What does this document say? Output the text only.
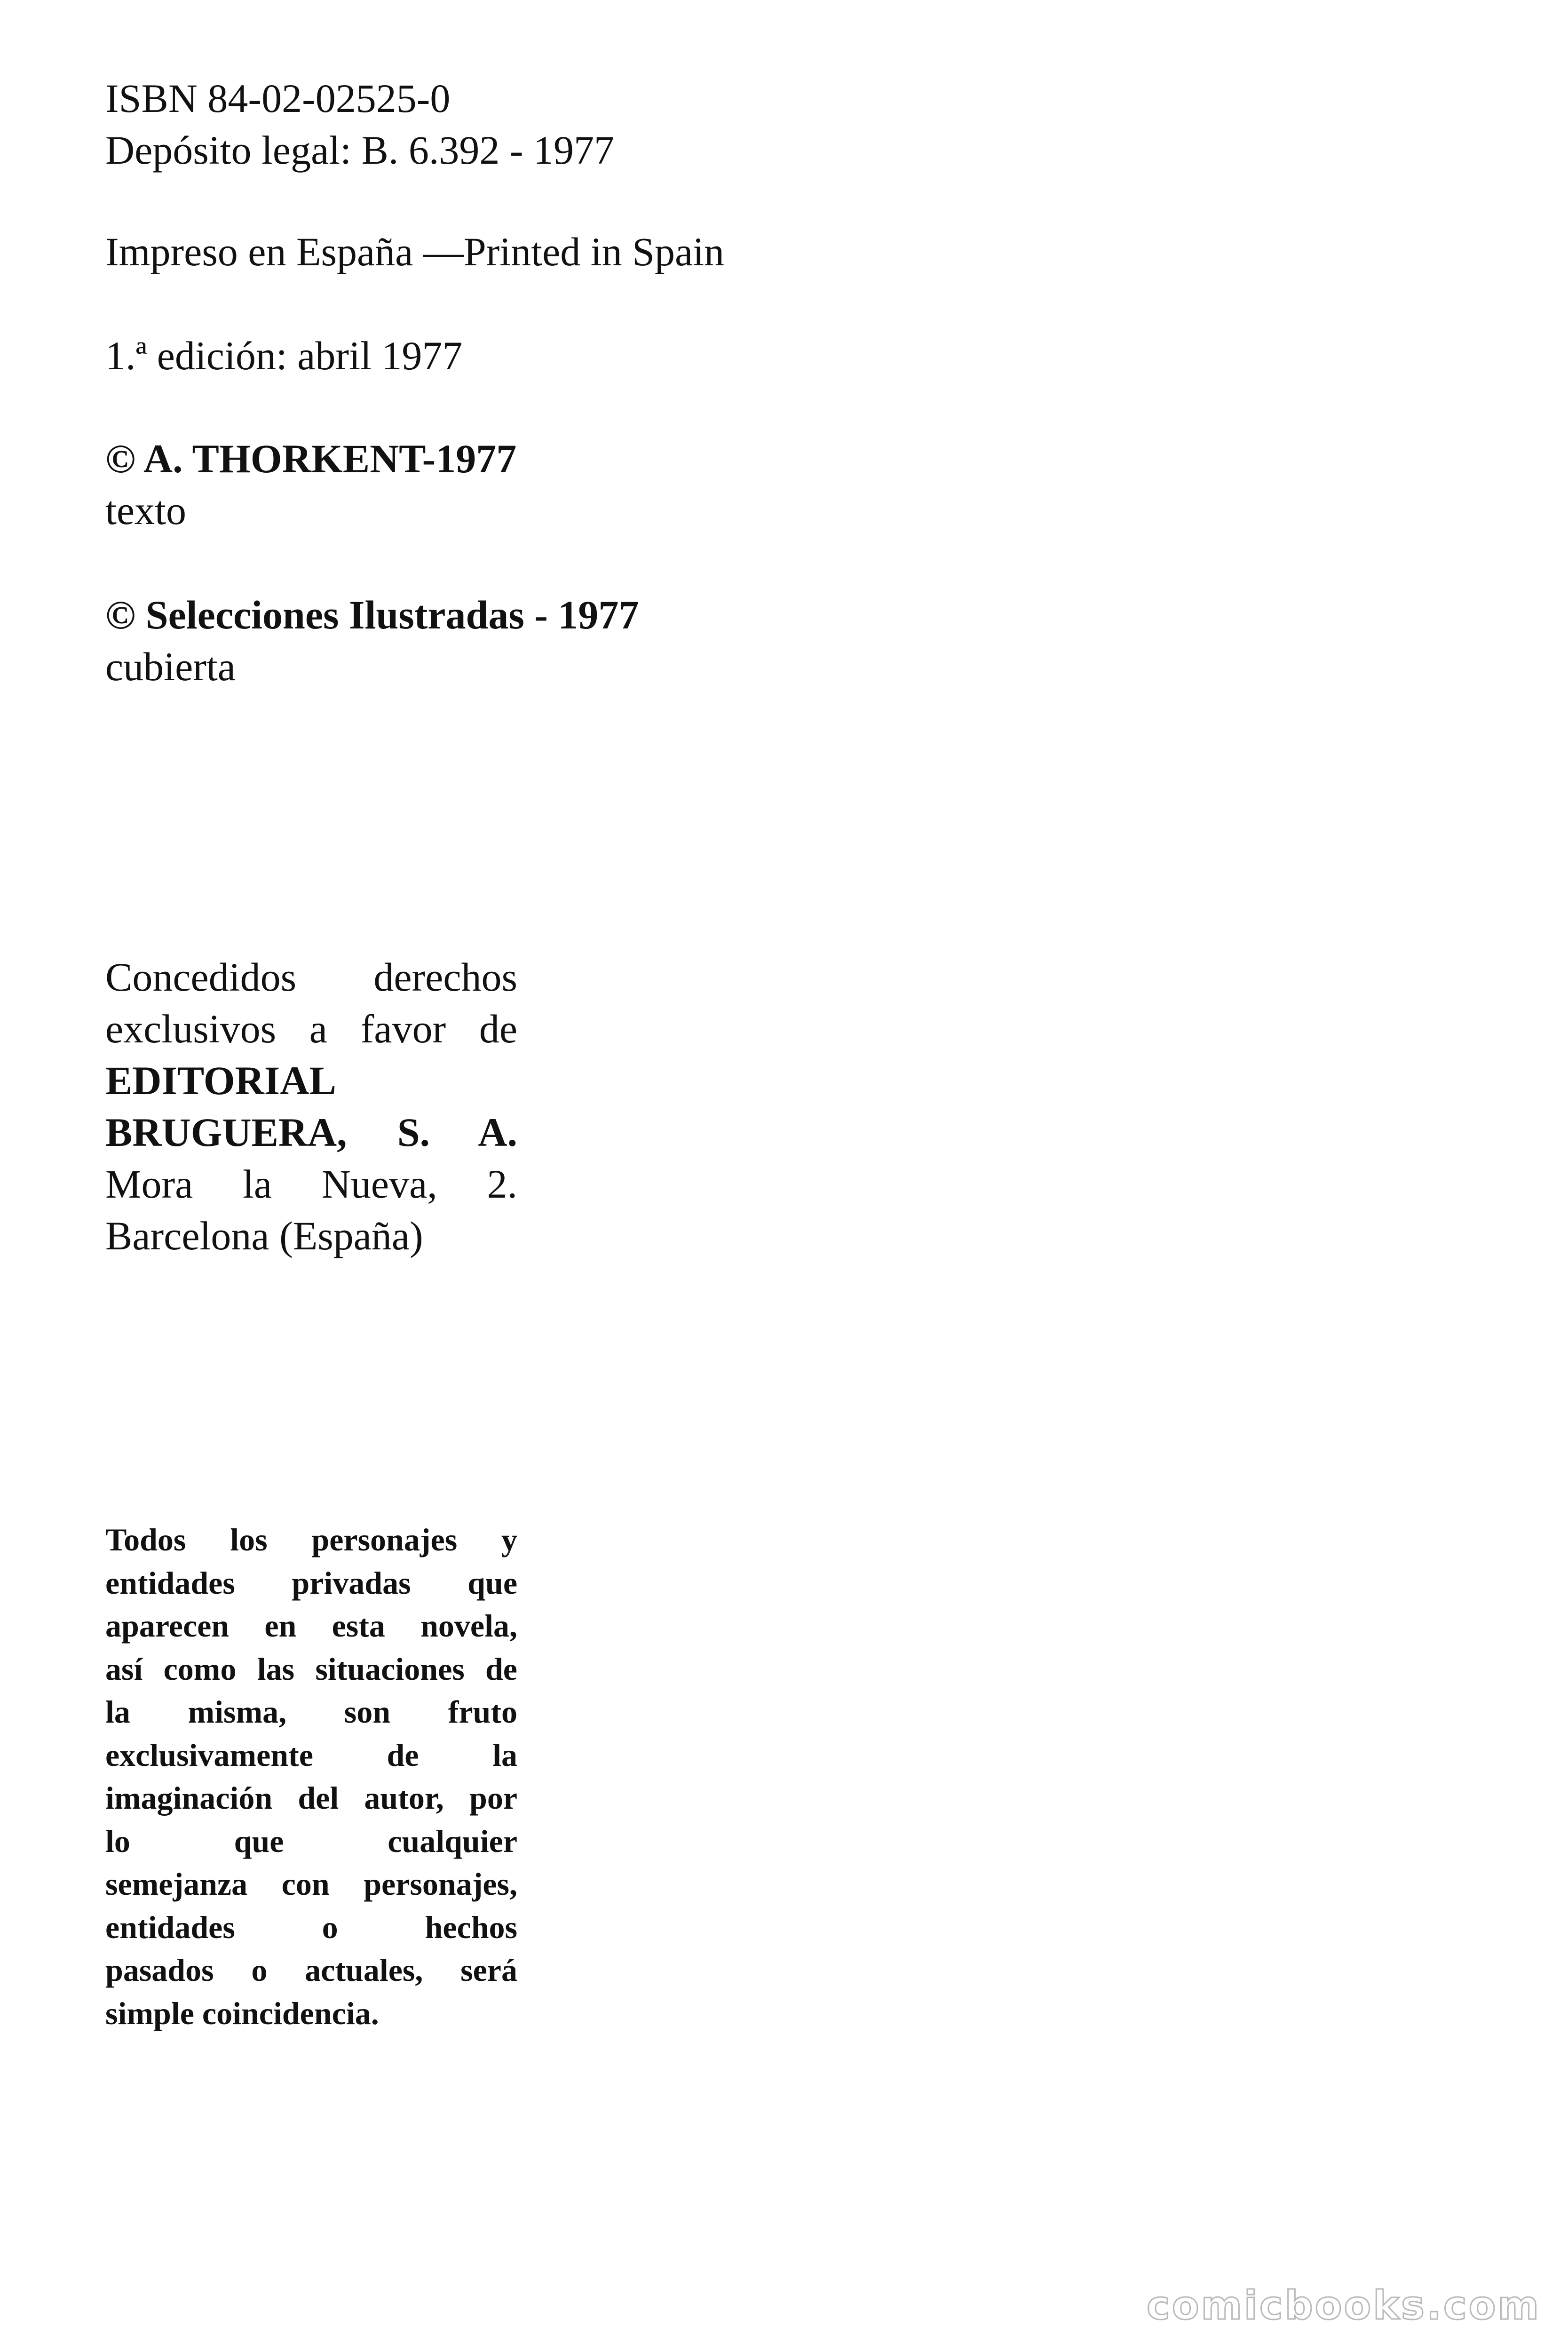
ISBN 84-02-02525-0
Depósito legal: B. 6.392 - 1977
Impreso en España —Printed in Spain
1.ª edición: abril 1977
© A. THORKENT-1977
texto
© Selecciones Ilustradas - 1977
cubierta
Concedidos derechos
exclusivos a favor de
EDITORIAL
BRUGUERA, S. A.
Mora la Nueva, 2.
Barcelona (España)
Todos los personajes y
entidades privadas que
aparecen en esta novela,
así como las situaciones de
la misma, son fruto
exclusivamente de la
imaginación del autor, por
lo que cualquier
semejanza con personajes,
entidades o hechos
pasados o actuales, será
simple coincidencia.
comicbooks.com
